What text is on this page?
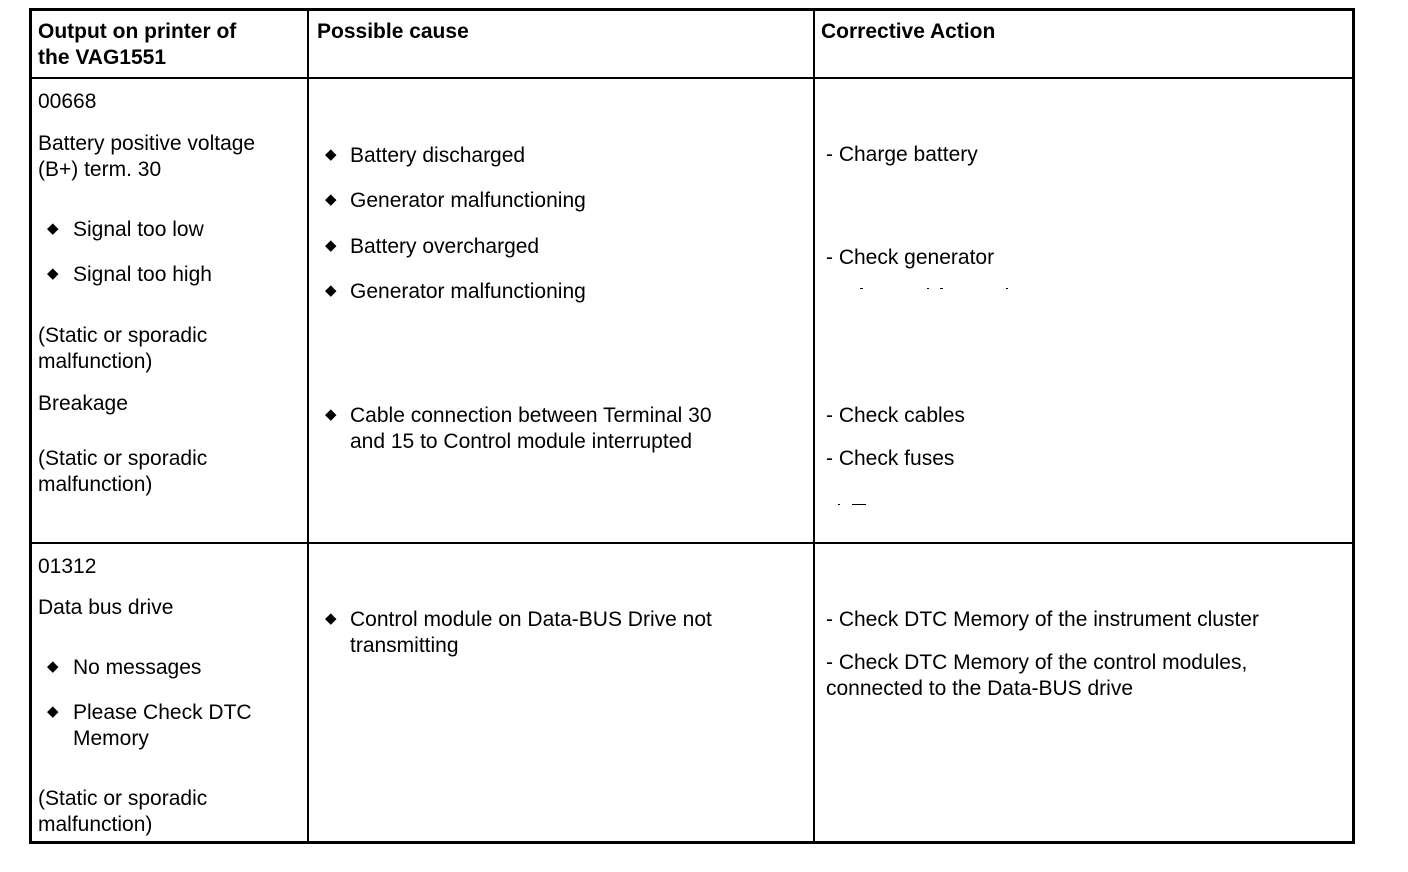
Output on printer of
the VAG1551
Possible cause	Corrective Action
00668
Battery positive voltage
(B+) term. 30
◆ Signal too low
◆ Signal too high
(Static or sporadic
malfunction)
Breakage
(Static or sporadic
malfunction)
◆ Battery discharged
◆ Generator malfunctioning
◆ Battery overcharged
◆ Generator malfunctioning
◆ Cable connection between Terminal 30
and 15 to Control module interrupted
- Charge battery
- Check generator
- Check cables
- Check fuses
01312
Data bus drive
◆ No messages
◆ Please Check DTC
Memory
(Static or sporadic
malfunction)
◆ Control module on Data-BUS Drive not
transmitting
- Check DTC Memory of the instrument cluster
- Check DTC Memory of the control modules,
connected to the Data-BUS drive
